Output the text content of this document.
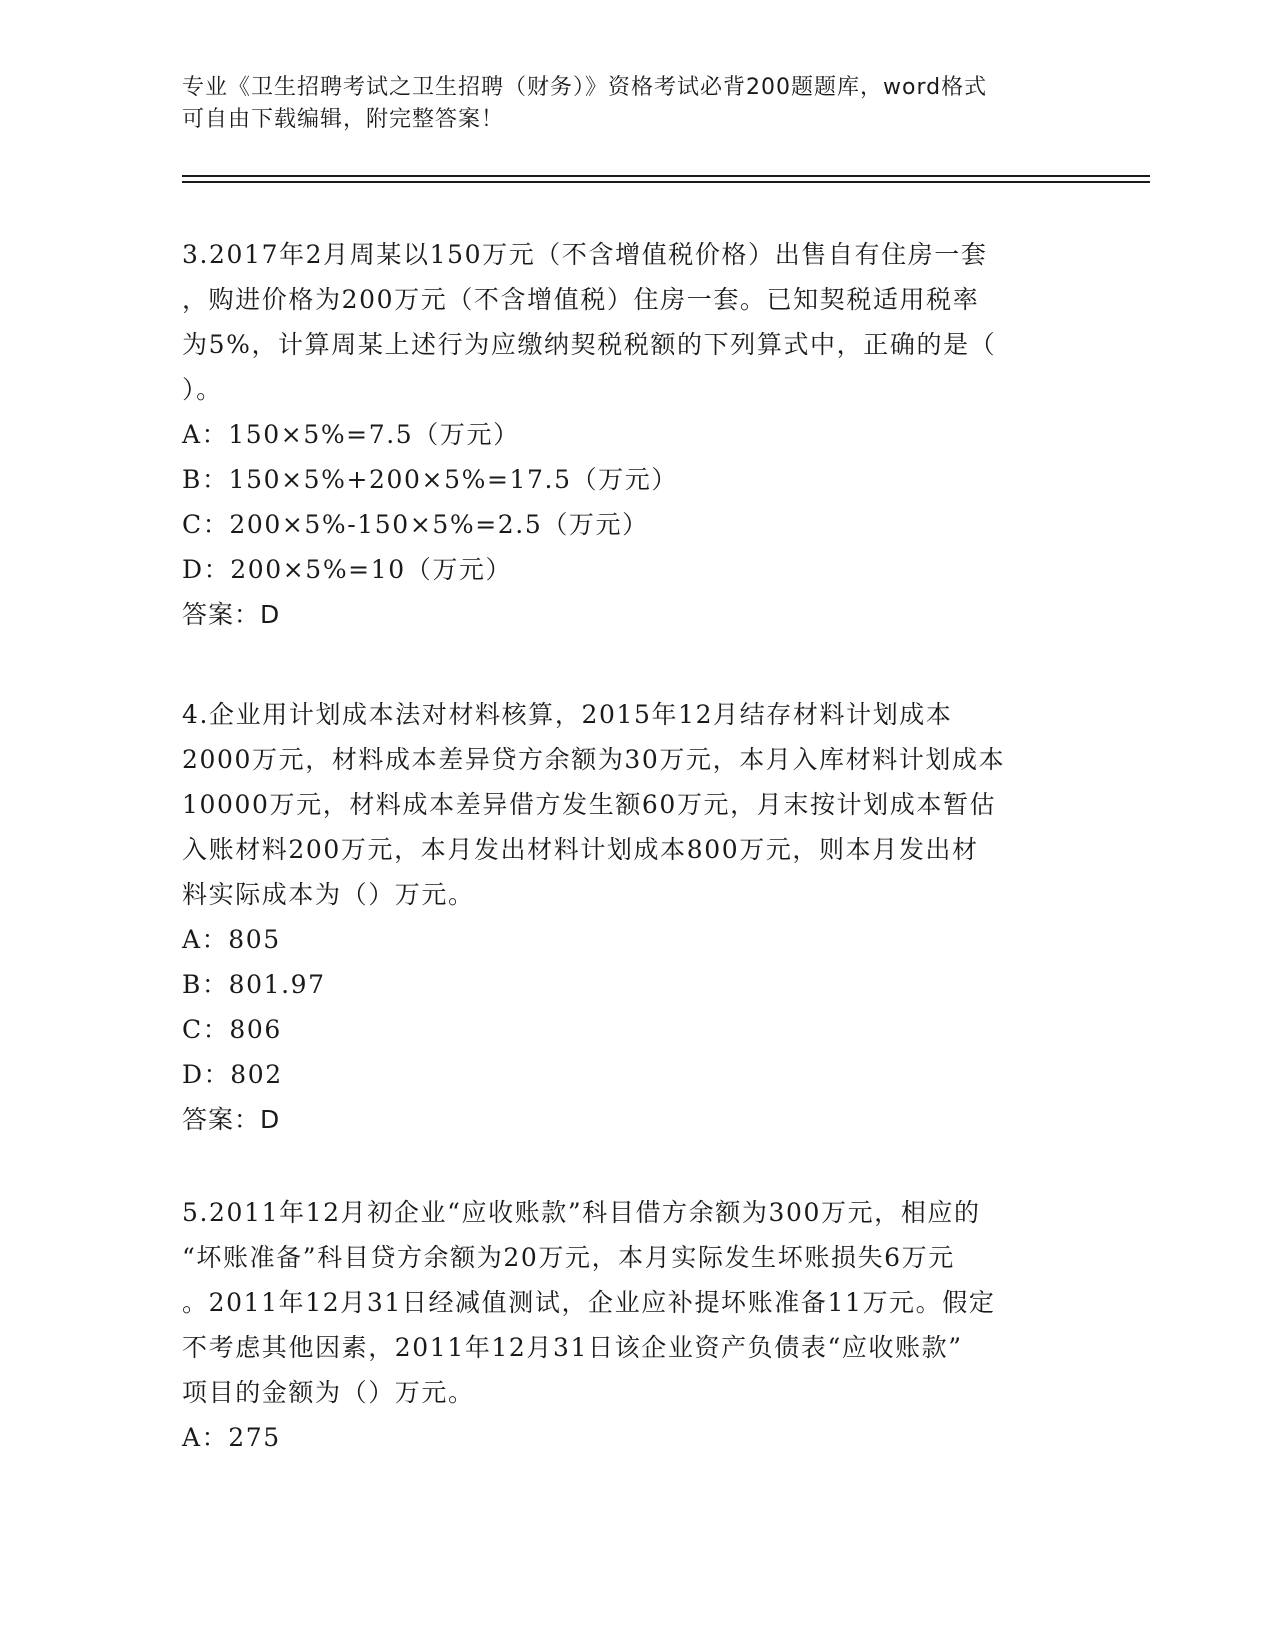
专业《卫生招聘考试之卫生招聘（财务）》资格考试必背200题题库，word格式
可自由下载编辑，附完整答案！
3.2017年2月周某以150万元（不含增值税价格）出售自有住房一套
，购进价格为200万元（不含增值税）住房一套。已知契税适用税率
为5%，计算周某上述行为应缴纳契税税额的下列算式中，正确的是（
）。
A：150×5%=7.5（万元）
B：150×5%+200×5%=17.5（万元）
C：200×5%-150×5%=2.5（万元）
D：200×5%=10（万元）
答案：D
4.企业用计划成本法对材料核算，2015年12月结存材料计划成本
2000万元，材料成本差异贷方余额为30万元，本月入库材料计划成本
10000万元，材料成本差异借方发生额60万元，月末按计划成本暂估
入账材料200万元，本月发出材料计划成本800万元，则本月发出材
料实际成本为（）万元。
A：805
B：801.97
C：806
D：802
答案：D
5.2011年12月初企业“应收账款”科目借方余额为300万元，相应的
“坏账准备”科目贷方余额为20万元，本月实际发生坏账损失6万元
。2011年12月31日经减值测试，企业应补提坏账准备11万元。假定
不考虑其他因素，2011年12月31日该企业资产负债表“应收账款”
项目的金额为（）万元。
A：275
